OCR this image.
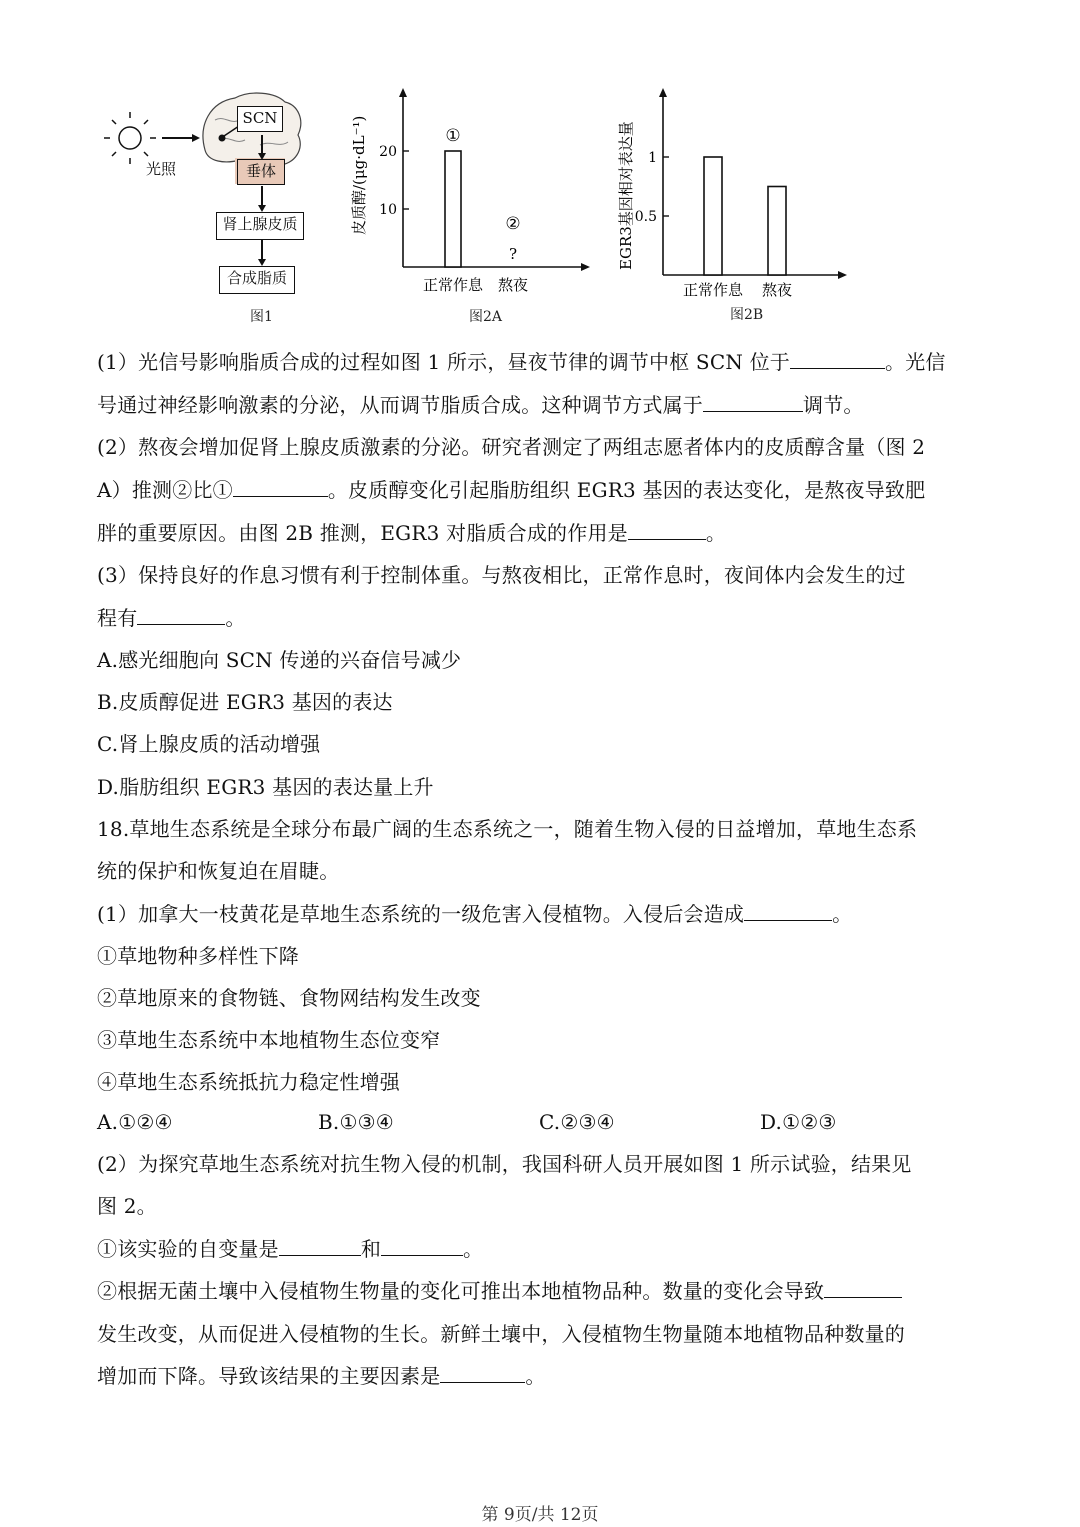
光照
SCN
垂体
肾上腺皮质
合成脂质
图1
皮质醇/(μg·dL⁻¹) 10
20
正常作息
①
熬夜
②
?
图2A
EGR3基因相对表达量 0.5
1
正常作息 熬夜
图2B
(1）光信号影响脂质合成的过程如图 1 所示，昼夜节律的调节中枢 SCN 位于	。光信
号通过神经影响激素的分泌，从而调节脂质合成。这种调节方式属于	调节。
(2）熬夜会增加促肾上腺皮质激素的分泌。研究者测定了两组志愿者体内的皮质醇含量（图 2
A）推测②比①	。皮质醇变化引起脂肪组织 EGR3 基因的表达变化，是熬夜导致肥
胖的重要原因。由图 2B 推测，EGR3 对脂质合成的作用是	。
(3）保持良好的作息习惯有利于控制体重。与熬夜相比，正常作息时，夜间体内会发生的过
程有	。
A.感光细胞向 SCN 传递的兴奋信号减少
B.皮质醇促进 EGR3 基因的表达
C.肾上腺皮质的活动增强
D.脂肪组织 EGR3 基因的表达量上升
18.草地生态系统是全球分布最广阔的生态系统之一，随着生物入侵的日益增加，草地生态系
统的保护和恢复迫在眉睫。
(1）加拿大一枝黄花是草地生态系统的一级危害入侵植物。入侵后会造成	。
①草地物种多样性下降
②草地原来的食物链、食物网结构发生改变
③草地生态系统中本地植物生态位变窄
④草地生态系统抵抗力稳定性增强
(2）为探究草地生态系统对抗生物入侵的机制，我国科研人员开展如图 1 所示试验，结果见
图 2。
①该实验的自变量是	和	。
②根据无菌土壤中入侵植物生物量的变化可推出本地植物品种。数量的变化会导致
发生改变，从而促进入侵植物的生长。新鲜土壤中，入侵植物生物量随本地植物品种数量的
增加而下降。导致该结果的主要因素是	。
A.①②④	B.①③④	C.②③④	D.①②③
第 9页/共 12页
